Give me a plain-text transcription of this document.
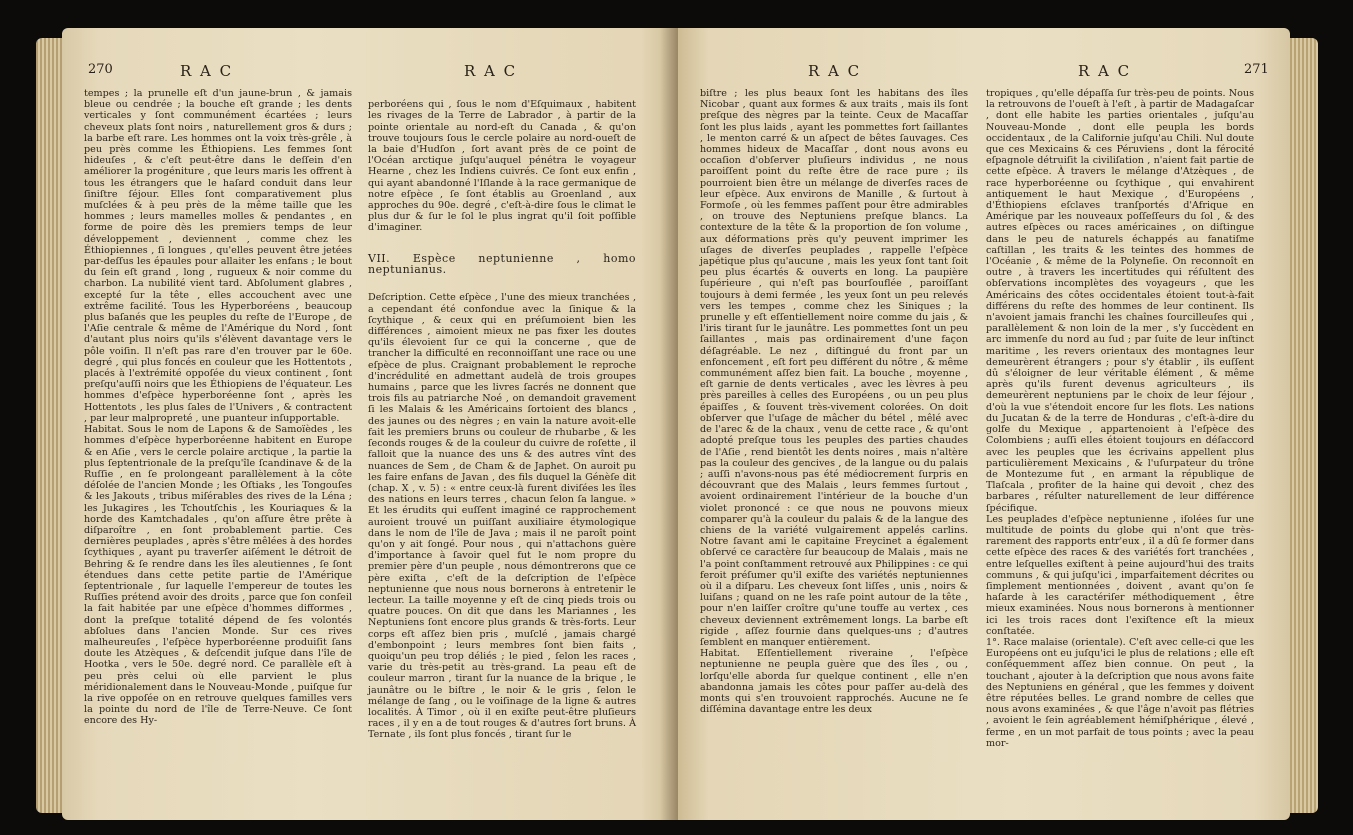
270	R A C	R A C
tempes ; la prunelle eſt d'un jaune-brun , & jamais bleue ou cendrée ; la bouche eſt grande ; les dents verticales y ſont communément écartées ; leurs cheveux plats ſont noirs , naturellement gros & durs ; la barbe eſt rare. Les hommes ont la voix très-grêle , à peu près comme les Éthiopiens. Les femmes ſont hideuſes , & c'eſt peut-être dans le deſſein d'en améliorer la progéniture , que leurs maris les offrent à tous les étrangers que le haſard conduit dans leur ſiniſtre ſéjour. Elles ſont comparativement plus muſclées & à peu près de la même taille que les hommes ; leurs mamelles molles & pendantes , en forme de poire dès les premiers temps de leur développement , deviennent , comme chez les Éthiopiennes , ſi longues , qu'elles peuvent être jetées par-deſſus les épaules pour allaiter les enfans ; le bout du ſein eſt grand , long , rugueux & noir comme du charbon. La nubilité vient tard. Abſolument glabres , excepté ſur la tête , elles accouchent avec une extrême facilité. Tous les Hyperboréens , beaucoup plus baſanés que les peuples du reſte de l'Europe , de l'Aſie centrale & même de l'Amérique du Nord , ſont d'autant plus noirs qu'ils s'élèvent davantage vers le pôle voiſin. Il n'eſt pas rare d'en trouver par le 60e. degré , qui plus foncés en couleur que les Hottentots , placés à l'extrémité oppoſée du vieux continent , ſont preſqu'auſſi noirs que les Éthiopiens de l'équateur. Les hommes d'eſpèce hyperboréenne ſont , après les Hottentots , les plus ſales de l'Univers , & contractent , par leur malpropreté , une puanteur inſupportable.
Habitat. Sous le nom de Lapons & de Samoïèdes , les hommes d'eſpèce hyperboréenne habitent en Europe & en Aſie , vers le cercle polaire arctique , la partie la plus ſeptentrionale de la preſqu'île ſcandinave & de la Ruſſie , en ſe prolongeant parallèlement à la côte déſolée de l'ancien Monde ; les Oſtiaks , les Tongouſes & les Jakouts , tribus miſérables des rives de la Léna ; les Jukagires , les Tchoutſchis , les Kouriaques & la horde des Kamtchadales , qu'on aſſure être prête à diſparoître , en ſont probablement partie. Ces dernières peuplades , après s'être mêlées à des hordes ſcythiques , ayant pu traverſer aiſément le détroit de Behring & ſe rendre dans les îles aleutiennes , ſe ſont étendues dans cette petite partie de l'Amérique ſeptentrionale , ſur laquelle l'empereur de toutes les Ruſſies prétend avoir des droits , parce que ſon conſeil la fait habitée par une eſpèce d'hommes difformes , dont la preſque totalité dépend de ſes volontés abſolues dans l'ancien Monde. Sur ces rives malheureuſes , l'eſpèce hyperboréenne produiſit ſans doute les Atzèques , & deſcendit juſque dans l'île de Hootka , vers le 50e. degré nord. Ce parallèle eſt à peu près celui où elle parvient le plus méridionalement dans le Nouveau-Monde , puiſque ſur la rive oppoſée on en retrouve quelques familles vers la pointe du nord de l'île de Terre-Neuve. Ce ſont encore des Hy-

perboréens qui , ſous le nom d'Eſquimaux , habitent les rivages de la Terre de Labrador , à partir de la pointe orientale au nord-eſt du Canada , & qu'on trouve toujours ſous le cercle polaire au nord-oueſt de la baie d'Hudſon , ſort avant près de ce point de l'Océan arctique juſqu'auquel pénétra le voyageur Hearne , chez les Indiens cuivrés. Ce ſont eux enfin , qui ayant abandonné l'Iſlande à la race germanique de notre eſpèce , ſe ſont établis au Groenland , aux approches du 90e. degré , c'eſt-à-dire ſous le climat le plus dur & ſur le ſol le plus ingrat qu'il ſoit poſſible d'imaginer.

VII. Espèce neptunienne , homo neptunianus.

Deſcription. Cette eſpèce , l'une des mieux tranchées , a cependant été confondue avec la ſinique & la ſcythique , & ceux qui en préſumoient bien les différences , aimoient mieux ne pas fixer les doutes qu'ils élevoient ſur ce qui la concerne , que de trancher la difficulté en reconnoiſſant une race ou une eſpèce de plus. Craignant probablement le reproche d'incrédulité en admettant audelà de trois groupes humains , parce que les livres ſacrés ne donnent que trois fils au patriarche Noé , on demandoit gravement ſi les Malais & les Américains ſortoient des blancs , des jaunes ou des nègres ; en vain la nature avoit-elle fait les premiers bruns ou couleur de rhubarbe , & les ſeconds rouges & de la couleur du cuivre de roſette , il falloit que la nuance des uns & des autres vînt des nuances de Sem , de Cham & de Japhet. On auroit pu les faire enfans de Javan , des fils duquel la Génèſe dit (chap. X , v. 5) : « entre ceux-là furent diviſées les îles des nations en leurs terres , chacun ſelon ſa langue. » Et les érudits qui euſſent imaginé ce rapprochement auroient trouvé un puiſſant auxiliaire étymologique dans le nom de l'île de Java ; mais il ne paroît point qu'on y ait ſongé. Pour nous , qui n'attachons guère d'importance à ſavoir quel fut le nom propre du premier père d'un peuple , nous démontrerons que ce père exiſta , c'eſt de la deſcription de l'eſpèce neptunienne que nous nous bornerons à entretenir le lecteur. La taille moyenne y eſt de cinq pieds trois ou quatre pouces. On dit que dans les Mariannes , les Neptuniens ſont encore plus grands & très-forts. Leur corps eſt aſſez bien pris , muſclé , jamais chargé d'embonpoint ; leurs membres ſont bien faits , quoiqu'un peu trop déliés ; le pied , ſelon les races , varie du très-petit au très-grand. La peau eſt de couleur marron , tirant ſur la nuance de la brique , le jaunâtre ou le biſtre , le noir & le gris , ſelon le mélange de ſang , ou le voiſinage de la ligne & autres localités. À Timor , où il en exiſte peut-être pluſieurs races , il y en a de tout rouges & d'autres ſort bruns. À Ternate , ils ſont plus foncés , tirant ſur le

R A C	R A C	271
biſtre ; les plus beaux ſont les habitans des îles Nicobar , quant aux formes & aux traits , mais ils ſont preſque des nègres par la teinte. Ceux de Macaſſar ſont les plus laids , ayant les pommettes fort ſaillantes , le menton carré & un aſpect de bêtes ſauvages. Ces hommes hideux de Macaſſar , dont nous avons eu occaſion d'obſerver pluſieurs individus , ne nous paroiſſent point du reſte être de race pure ; ils pourroient bien être un mélange de diverſes races de leur eſpèce. Aux environs de Manille , & ſurtout à Formoſe , où les femmes paſſent pour être admirables , on trouve des Neptuniens preſque blancs. La contexture de la tête & la proportion de ſon volume , aux déformations près qu'y peuvent imprimer les uſages de diverſes peuplades , rappelle l'eſpèce japétique plus qu'aucune , mais les yeux ſont tant ſoit peu plus écartés & ouverts en long. La paupière ſupérieure , qui n'eſt pas bourſouflée , paroiſſant toujours à demi fermée , les yeux ſont un peu relevés vers les tempes , comme chez les Siniques ; la prunelle y eſt eſſentiellement noire comme du jais , & l'iris tirant ſur le jaunâtre. Les pommettes ſont un peu ſaillantes , mais pas ordinairement d'une façon déſagréable. Le nez , diſtingué du front par un enfoncement , eſt fort peu différent du nôtre , & même communément aſſez bien fait. La bouche , moyenne , eſt garnie de dents verticales , avec les lèvres à peu près pareilles à celles des Européens , ou un peu plus épaiſſes , & ſouvent très-vivement colorées. On doit obſerver que l'uſage de mâcher du bétel , mêlé avec de l'arec & de la chaux , venu de cette race , & qu'ont adopté preſque tous les peuples des parties chaudes de l'Aſie , rend bientôt les dents noires , mais n'altère pas la couleur des gencives , de la langue ou du palais ; auſſi n'avons-nous pas été médiocrement ſurpris en découvrant que des Malais , leurs femmes ſurtout , avoient ordinairement l'intérieur de la bouche d'un violet prononcé : ce que nous ne pouvons mieux comparer qu'à la couleur du palais & de la langue des chiens de la variété vulgairement appelés carlins. Notre ſavant ami le capitaine Freycinet a également obſervé ce caractère ſur beaucoup de Malais , mais ne l'a point conſtamment retrouvé aux Philippines : ce qui feroit préſumer qu'il exiſte des variétés neptuniennes où il a diſparu. Les cheveux ſont liſſes , unis , noirs & luiſans ; quand on ne les raſe point autour de la tête , pour n'en laiſſer croître qu'une touffe au vertex , ces cheveux deviennent extrêmement longs. La barbe eſt rigide , aſſez fournie dans quelques-uns ; d'autres ſemblent en manquer entièrement.
Habitat. Eſſentiellement riveraine , l'eſpèce neptunienne ne peupla guère que des îles , ou , lorſqu'elle aborda ſur quelque continent , elle n'en abandonna jamais les côtes pour paſſer au-delà des monts qui s'en trouvoient rapprochés. Aucune ne ſe diſſémina davantage entre les deux
tropiques , qu'elle dépaſſa ſur très-peu de points. Nous la retrouvons de l'oueſt à l'eſt , à partir de Madagaſcar , dont elle habite les parties orientales , juſqu'au Nouveau-Monde , dont elle peupla les bords occidentaux , de la Californie juſqu'au Chili. Nul doute que ces Mexicains & ces Péruviens , dont la férocité eſpagnole détruiſit la civiliſation , n'aient fait partie de cette eſpèce. À travers le mélange d'Atzèques , de race hyperboréenne ou ſcythique , qui envahirent antiquement le haut Mexique , d'Européens , d'Éthiopiens eſclaves tranſportés d'Afrique en Amérique par les nouveaux poſſeſſeurs du ſol , & des autres eſpèces ou races américaines , on diſtingue dans le peu de naturels échappés au fanatiſme caſtillan , les traits & les teintes des hommes de l'Océanie , & même de la Polyneſie. On reconnoît en outre , à travers les incertitudes qui réſultent des obſervations incomplètes des voyageurs , que les Américains des côtes occidentales étoient tout-à-fait différens du reſte des hommes de leur continent. Ils n'avoient jamais franchi les chaînes ſourcilleuſes qui , parallèlement & non loin de la mer , s'y ſuccèdent en arc immenſe du nord au ſud ; par ſuite de leur inſtinct maritime , les revers orientaux des montagnes leur demeurèrent étrangers ; pour s'y établir , ils euſſent dû s'éloigner de leur véritable élément , & même après qu'ils furent devenus agriculteurs , ils demeurèrent neptuniens par le choix de leur ſéjour , d'où la vue s'étendoit encore ſur les flots. Les nations du Jucatan & de la terre de Honduras , c'eſt-à-dire du golfe du Mexique , appartenoient à l'eſpèce des Colombiens ; auſſi elles étoient toujours en déſaccord avec les peuples que les écrivains appellent plus particulièrement Mexicains , & l'uſurpateur du trône de Montezume fut , en armant la république de Tlaſcala , profiter de la haine qui devoit , chez des barbares , réſulter naturellement de leur différence ſpécifique.
Les peuplades d'eſpèce neptunienne , iſolées ſur une multitude de points du globe qui n'ont que très-rarement des rapports entr'eux , il a dû ſe former dans cette eſpèce des races & des variétés fort tranchées , entre leſquelles exiſtent à peine aujourd'hui des traits communs , & qui juſqu'ici , imparfaitement décrites ou ſimplement mentionnées , doivent , avant qu'on ſe haſarde à les caractériſer méthodiquement , être mieux examinées. Nous nous bornerons à mentionner ici les trois races dont l'exiſtence eſt la mieux conſtatée.
1°. Race malaise (orientale). C'eſt avec celle-ci que les Européens ont eu juſqu'ici le plus de relations ; elle eſt conſéquemment aſſez bien connue. On peut , la touchant , ajouter à la deſcription que nous avons faite des Neptuniens en général , que les femmes y doivent être réputées belles. Le grand nombre de celles que nous avons examinées , & que l'âge n'avoit pas flétries , avoient le ſein agréablement hémiſphérique , élevé , ferme , en un mot parfait de tous points ; avec la peau mor-
